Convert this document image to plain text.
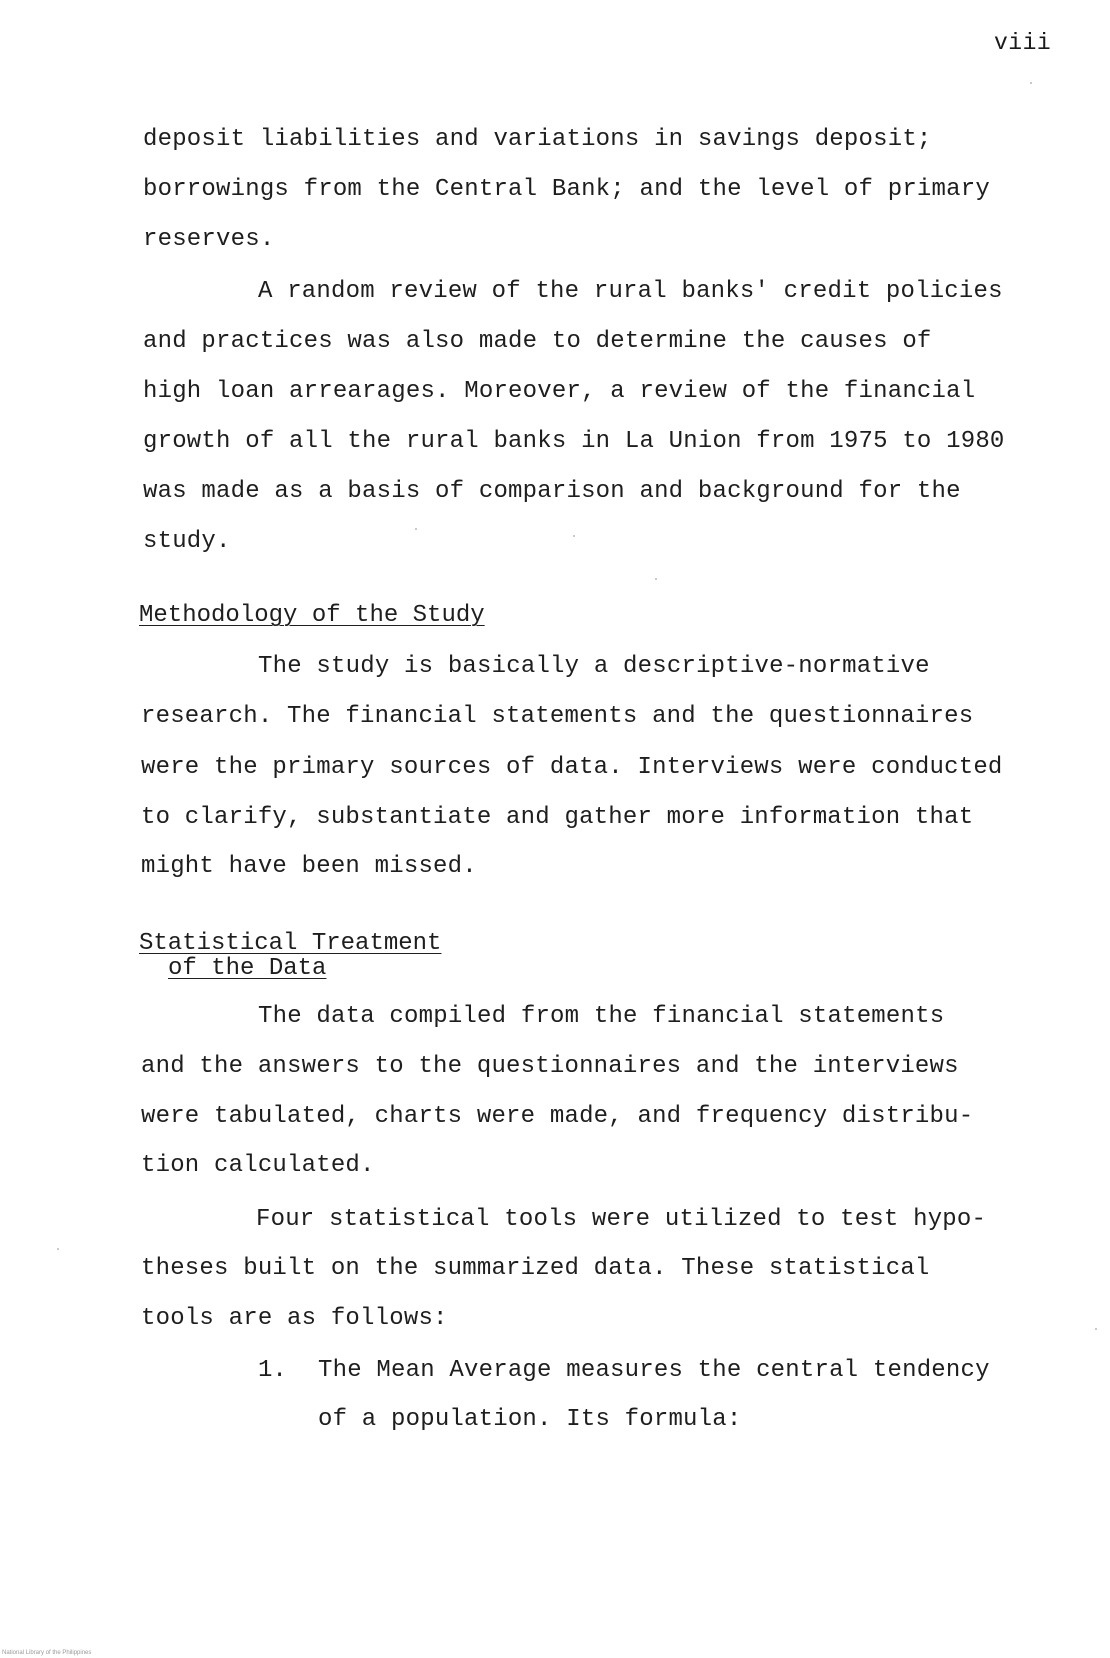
viii
deposit liabilities and variations in savings deposit;
borrowings from the Central Bank; and the level of primary
reserves.
A random review of the rural banks' credit policies
and practices was also made to determine the causes of
high loan arrearages. Moreover, a review of the financial
growth of all the rural banks in La Union from 1975 to 1980
was made as a basis of comparison and background for the
study.
Methodology of the Study
The study is basically a descriptive-normative
research. The financial statements and the questionnaires
were the primary sources of data. Interviews were conducted
to clarify, substantiate and gather more information that
might have been missed.
Statistical Treatment
of the Data
The data compiled from the financial statements
and the answers to the questionnaires and the interviews
were tabulated, charts were made, and frequency distribu-
tion calculated.
Four statistical tools were utilized to test hypo-
theses built on the summarized data. These statistical
tools are as follows:
1. The Mean Average measures the central tendency
of a population. Its formula:
National Library of the Philippines
